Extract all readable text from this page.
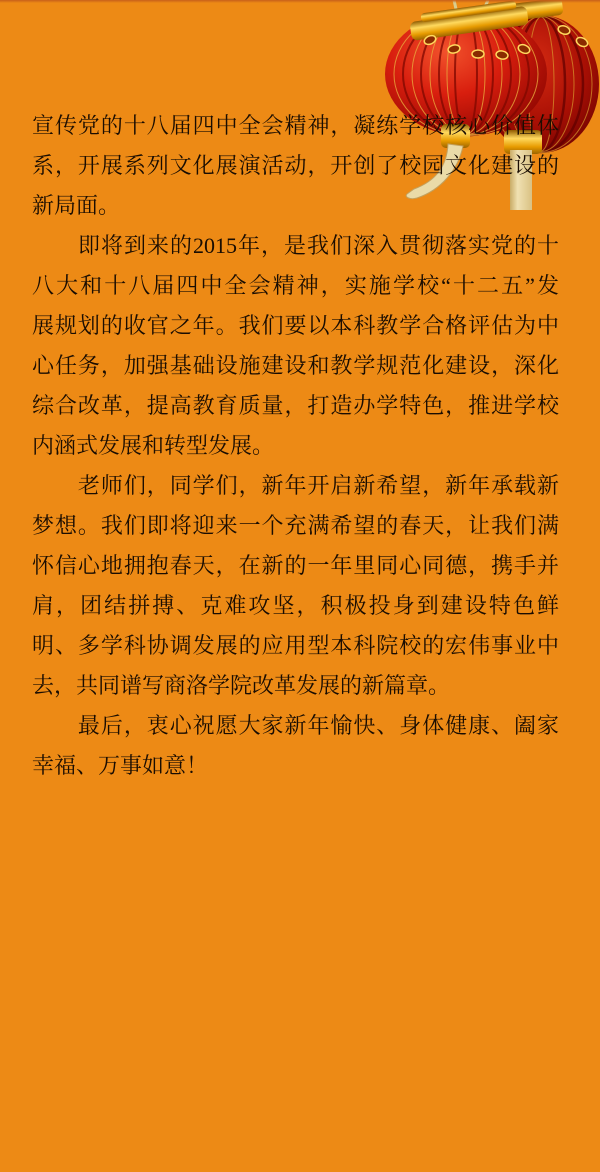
宣传党的十八届四中全会精神，凝练学校核心价值体
系，开展系列文化展演活动，开创了校园文化建设的
新局面。
　　即将到来的2015年，是我们深入贯彻落实党的十
八大和十八届四中全会精神，实施学校“十二五”发
展规划的收官之年。我们要以本科教学合格评估为中
心任务，加强基础设施建设和教学规范化建设，深化
综合改革，提高教育质量，打造办学特色，推进学校
内涵式发展和转型发展。
　　老师们，同学们，新年开启新希望，新年承载新
梦想。我们即将迎来一个充满希望的春天，让我们满
怀信心地拥抱春天，在新的一年里同心同德，携手并
肩，团结拼搏、克难攻坚，积极投身到建设特色鲜
明、多学科协调发展的应用型本科院校的宏伟事业中
去，共同谱写商洛学院改革发展的新篇章。
　　最后，衷心祝愿大家新年愉快、身体健康、阖家
幸福、万事如意！
